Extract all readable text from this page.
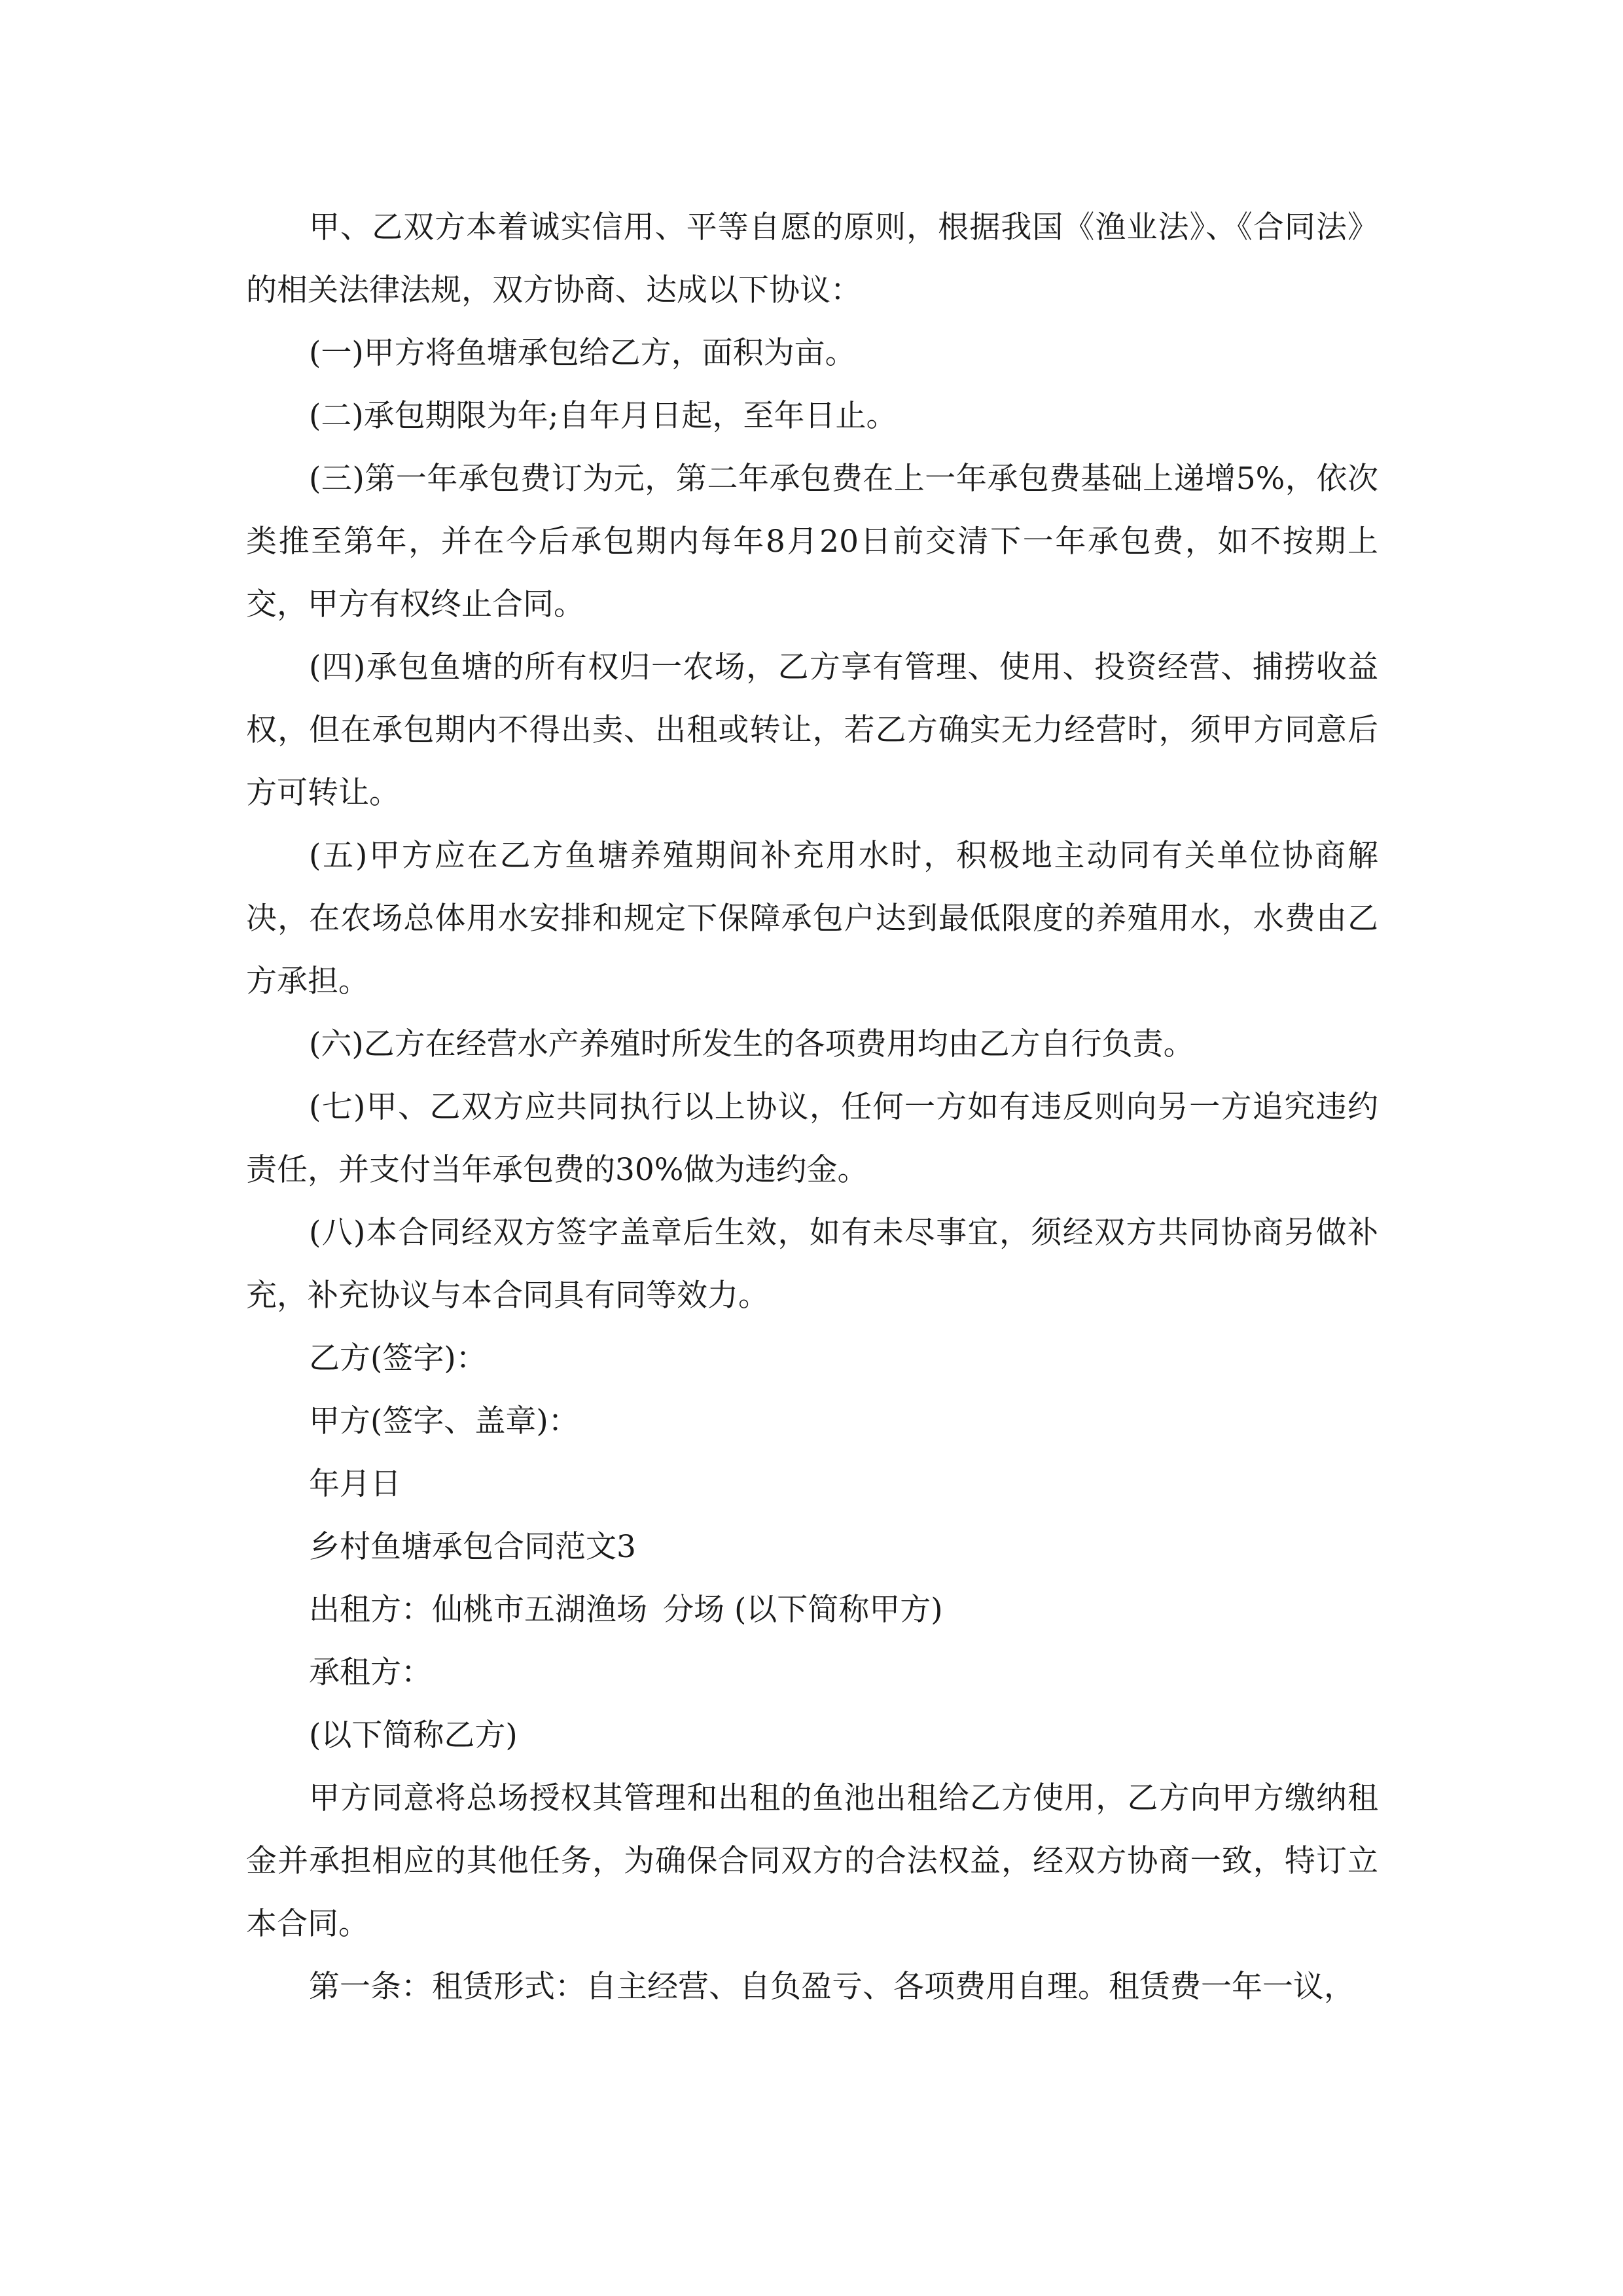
甲、乙双方本着诚实信用、平等自愿的原则，根据我国《渔业法》、《合同法》的相关法律法规，双方协商、达成以下协议：

(一)甲方将鱼塘承包给乙方，面积为亩。

(二)承包期限为年;自年月日起，至年日止。

(三)第一年承包费订为元，第二年承包费在上一年承包费基础上递增5%，依次类推至第年，并在今后承包期内每年8月20日前交清下一年承包费，如不按期上交，甲方有权终止合同。

(四)承包鱼塘的所有权归一农场，乙方享有管理、使用、投资经营、捕捞收益权，但在承包期内不得出卖、出租或转让，若乙方确实无力经营时，须甲方同意后方可转让。

(五)甲方应在乙方鱼塘养殖期间补充用水时，积极地主动同有关单位协商解决，在农场总体用水安排和规定下保障承包户达到最低限度的养殖用水，水费由乙方承担。

(六)乙方在经营水产养殖时所发生的各项费用均由乙方自行负责。

(七)甲、乙双方应共同执行以上协议，任何一方如有违反则向另一方追究违约责任，并支付当年承包费的30%做为违约金。

(八)本合同经双方签字盖章后生效，如有未尽事宜，须经双方共同协商另做补充，补充协议与本合同具有同等效力。

乙方(签字)：

甲方(签字、盖章)：

年月日

乡村鱼塘承包合同范文3

出租方：仙桃市五湖渔场 分场 (以下简称甲方)

承租方：

(以下简称乙方)

甲方同意将总场授权其管理和出租的鱼池出租给乙方使用，乙方向甲方缴纳租金并承担相应的其他任务，为确保合同双方的合法权益，经双方协商一致，特订立本合同。

第一条：租赁形式：自主经营、自负盈亏、各项费用自理。租赁费一年一议，
